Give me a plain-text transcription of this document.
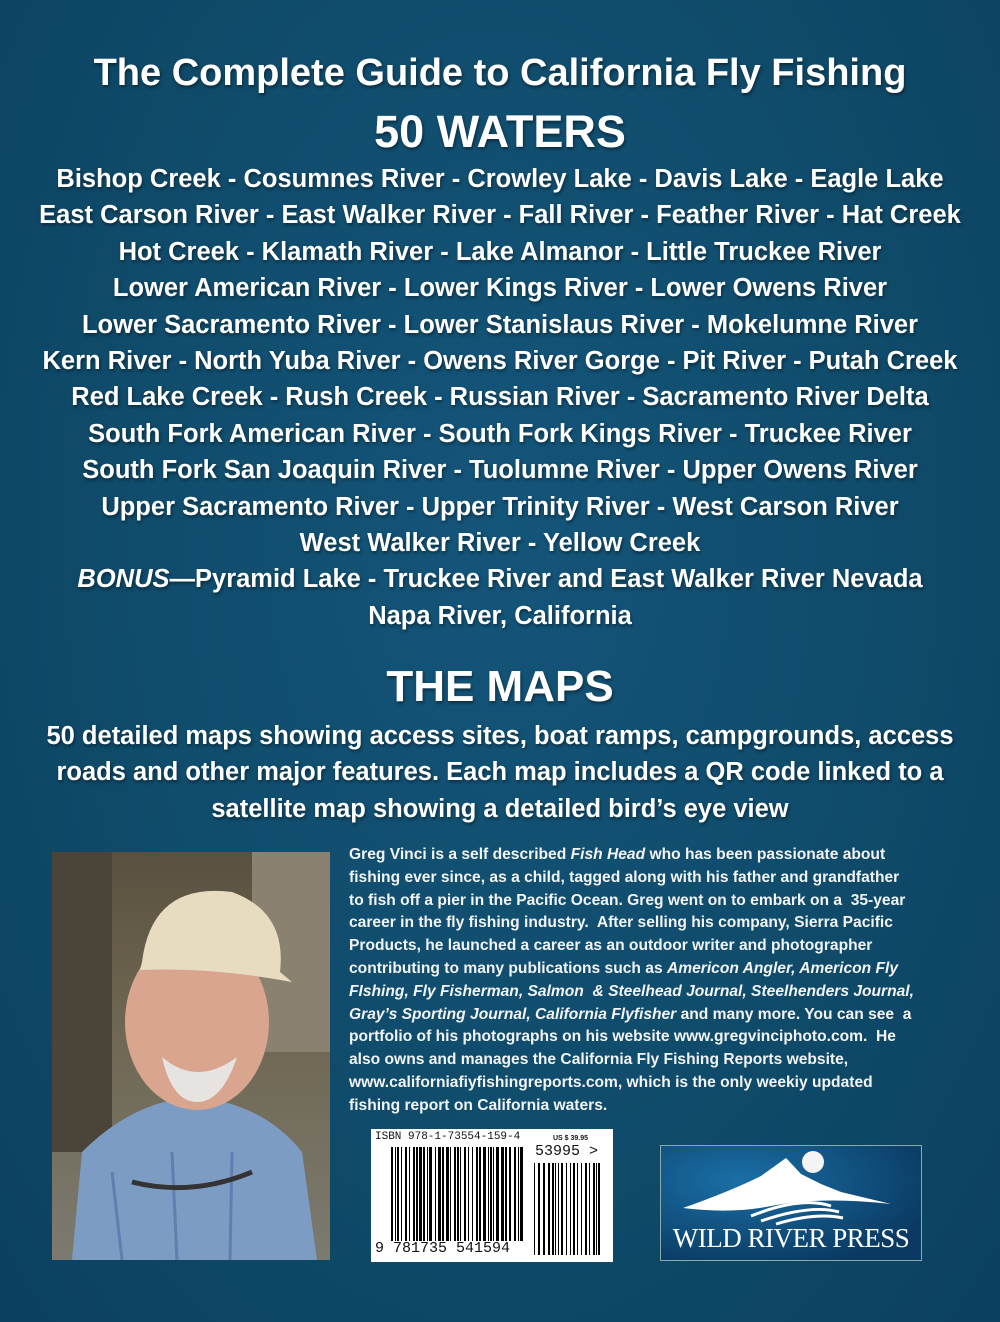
The Complete Guide to California Fly Fishing
50 WATERS
Bishop Creek - Cosumnes River - Crowley Lake - Davis Lake - Eagle Lake
East Carson River - East Walker River - Fall River - Feather River - Hat Creek
Hot Creek - Klamath River - Lake Almanor - Little Truckee River
Lower American River - Lower Kings River - Lower Owens River
Lower Sacramento River - Lower Stanislaus River - Mokelumne River
Kern River - North Yuba River - Owens River Gorge - Pit River - Putah Creek
Red Lake Creek - Rush Creek - Russian River - Sacramento River Delta
South Fork American River - South Fork Kings River - Truckee River
South Fork San Joaquin River - Tuolumne River - Upper Owens River
Upper Sacramento River - Upper Trinity River - West Carson River
West Walker River - Yellow Creek
BONUS—Pyramid Lake - Truckee River and East Walker River Nevada
Napa River, California
THE MAPS
50 detailed maps showing access sites, boat ramps, campgrounds, access
roads and other major features. Each map includes a QR code linked to a
satellite map showing a detailed bird’s eye view
Greg Vinci is a self described Fish Head who has been passionate about
fishing ever since, as a child, tagged along with his father and grandfather
to fish off a pier in the Pacific Ocean. Greg went on to embark on a  35-year
career in the fly fishing industry.  After selling his company, Sierra Pacific
Products, he launched a career as an outdoor writer and photographer
contributing to many publications such as Americon Angler, Americon Fly
FIshing, Fly Fisherman, Salmon  & Steelhead Journal, Steelhenders Journal,
Gray’s Sporting Journal, California Flyfisher and many more. You can see  a
portfolio of his photographs on his website www.gregvinciphoto.com.  He
also owns and manages the California Fly Fishing Reports website,
www.californiafiyfishingreports.com, which is the only weekiy updated
fishing report on California waters.
ISBN 978-1-73554-159-4	US $ 39.95
53995 >
9 781735 541594	WILD RIVER PRESS
